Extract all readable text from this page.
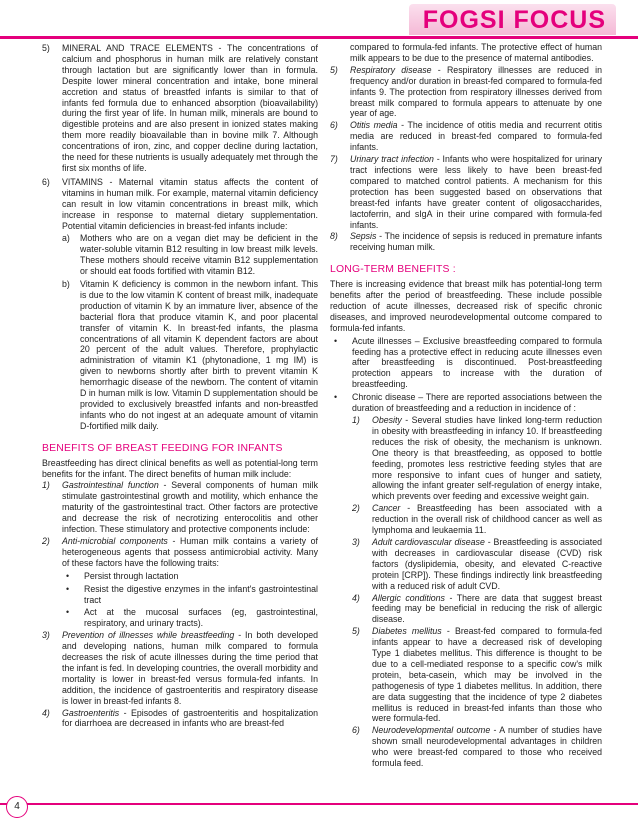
FOGSI FOCUS
5)	MINERAL AND TRACE ELEMENTS - The concentrations of calcium and phosphorus in human milk are relatively constant through lactation but are significantly lower than in formula. Despite lower mineral concentration and intake, bone mineral accretion and status of breastfed infants is similar to that of infants fed formula due to enhanced absorption (bioavailability) during the first year of life. In human milk, minerals are bound to digestible proteins and are also present in ionized states making them more readily bioavailable than in bovine milk 7. Although concentrations of iron, zinc, and copper decline during lactation, the need for these nutrients is usually adequately met through the first six months of life.

6)	VITAMINS - Maternal vitamin status affects the content of vitamins in human milk. For example, maternal vitamin deficiency can result in low vitamin concentrations in breast milk, which increase in response to maternal dietary supplementation. Potential vitamin deficiencies in breast-fed infants include:

a)	Mothers who are on a vegan diet may be deficient in the water-soluble vitamin B12 resulting in low breast milk levels. These mothers should receive vitamin B12 supplementation or should eat foods fortified with vitamin B12.

b)	Vitamin K deficiency is common in the newborn infant. This is due to the low vitamin K content of breast milk, inadequate production of vitamin K by an immature liver, absence of the bacterial flora that produce vitamin K, and poor placental transfer of vitamin K. In breast-fed infants, the plasma concentrations of all vitamin K dependent factors are about 20 percent of the adult values. Therefore, prophylactic administration of vitamin K1 (phytonadione, 1 mg IM) is given to newborns shortly after birth to prevent vitamin K hemorrhagic disease of the newborn. The content of vitamin D in human milk is low. Vitamin D supplementation should be provided to exclusively breastfed infants and non-breastfed infants who do not ingest at an adequate amount of vitamin D-fortified milk daily.

BENEFITS OF BREAST FEEDING FOR INFANTS

Breastfeeding has direct clinical benefits as well as potential-long term benefits for the infant. The direct benefits of human milk include:

1)	Gastrointestinal function - Several components of human milk stimulate gastrointestinal growth and motility, which enhance the maturity of the gastrointestinal tract. Other factors are protective and decrease the risk of necrotizing enterocolitis and other infection. These stimulatory and protective components include:

2)	Anti-microbial components - Human milk contains a variety of heterogeneous agents that possess antimicrobial activity. Many of these factors have the following traits:

•	Persist through lactation

•	Resist the digestive enzymes in the infant's gastrointestinal tract

•	Act at the mucosal surfaces (eg, gastrointestinal, respiratory, and urinary tracts).

3)	Prevention of illnesses while breastfeeding - In both developed and developing nations, human milk compared to formula decreases the risk of acute illnesses during the time period that the infant is fed. In developing countries, the overall morbidity and mortality is lower in breast-fed versus formula-fed infants. In addition, the incidence of gastroenteritis and respiratory disease is lower in breast-fed infants 8.

4)	Gastroenteritis - Episodes of gastroenteritis and hospitalization for diarrhoea are decreased in infants who are breast-fed

compared to formula-fed infants. The protective effect of human milk appears to be due to the presence of maternal antibodies.

5)	Respiratory disease - Respiratory illnesses are reduced in frequency and/or duration in breast-fed compared to formula-fed infants 9. The protection from respiratory illnesses derived from breast milk compared to formula appears to attenuate by one year of age.

6)	Otitis media - The incidence of otitis media and recurrent otitis media are reduced in breast-fed compared to formula-fed infants.

7)	Urinary tract infection - Infants who were hospitalized for urinary tract infections were less likely to have been breast-fed compared to matched control patients. A mechanism for this protection has been suggested based on observations that breast-fed infants have greater content of oligosaccharides, lactoferrin, and sIgA in their urine compared with formula-fed infants.

8)	Sepsis - The incidence of sepsis is reduced in premature infants receiving human milk.

LONG-TERM BENEFITS :

There is increasing evidence that breast milk has potential-long term benefits after the period of breastfeeding. These include possible reduction of acute illnesses, decreased risk of specific chronic diseases, and improved neurodevelopmental outcome compared to formula-fed infants.

•	Acute illnesses – Exclusive breastfeeding compared to formula feeding has a protective effect in reducing acute illnesses even after breastfeeding is discontinued. Post-breastfeeding protection appears to increase with the duration of breastfeeding.

•	Chronic disease – There are reported associations between the duration of breastfeeding and a reduction in incidence of :

1)	Obesity - Several studies have linked long-term reduction in obesity with breastfeeding in infancy 10. If breastfeeding reduces the risk of obesity, the mechanism is unknown. One theory is that breastfeeding, as opposed to bottle feeding, promotes less restrictive feeding styles that are more responsive to infant cues of hunger and satiety, allowing the infant greater self-regulation of energy intake, which prevents over feeding and excessive weight gain.

2)	Cancer - Breastfeeding has been associated with a reduction in the overall risk of childhood cancer as well as lymphoma and leukaemia 11.

3)	Adult cardiovascular disease - Breastfeeding is associated with decreases in cardiovascular disease (CVD) risk factors (dyslipidemia, obesity, and elevated C-reactive protein [CRP]). These findings indirectly link breastfeeding with a reduced risk of adult CVD.

4)	Allergic conditions - There are data that suggest breast feeding may be beneficial in reducing the risk of allergic disease.

5)	Diabetes mellitus - Breast-fed compared to formula-fed infants appear to have a decreased risk of developing Type 1 diabetes mellitus. This difference is thought to be due to a cell-mediated response to a specific cow's milk protein, beta-casein, which may be involved in the pathogenesis of type 1 diabetes mellitus. In addition, there are data suggesting that the incidence of type 2 diabetes mellitus is reduced in breast-fed infants than those who were formula-fed.

6)	Neurodevelopmental outcome - A number of studies have shown small neurodevelopmental advantages in children who were breast-fed compared to those who received formula feed.

4
